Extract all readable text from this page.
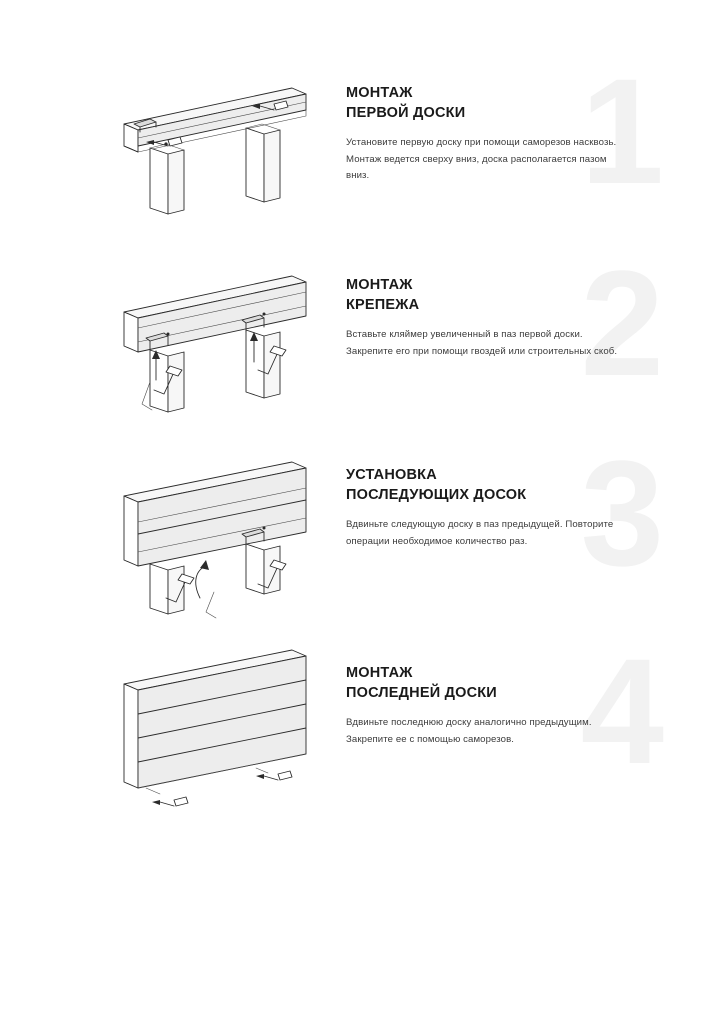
1
МОНТАЖ
ПЕРВОЙ ДОСКИ

Установите первую доску при помощи саморезов насквозь. Монтаж ведется сверху вниз, доска располагается пазом вниз.

2
МОНТАЖ
КРЕПЕЖА

Вставьте кляймер увеличенный в паз первой доски. Закрепите его при помощи гвоздей или строительных скоб.

3
УСТАНОВКА
ПОСЛЕДУЮЩИХ ДОСОК

Вдвиньте следующую доску в паз предыдущей. Повторите операции необходимое количество раз.

4
МОНТАЖ
ПОСЛЕДНЕЙ ДОСКИ

Вдвиньте последнюю доску аналогично предыдущим. Закрепите ее с помощью саморезов.
